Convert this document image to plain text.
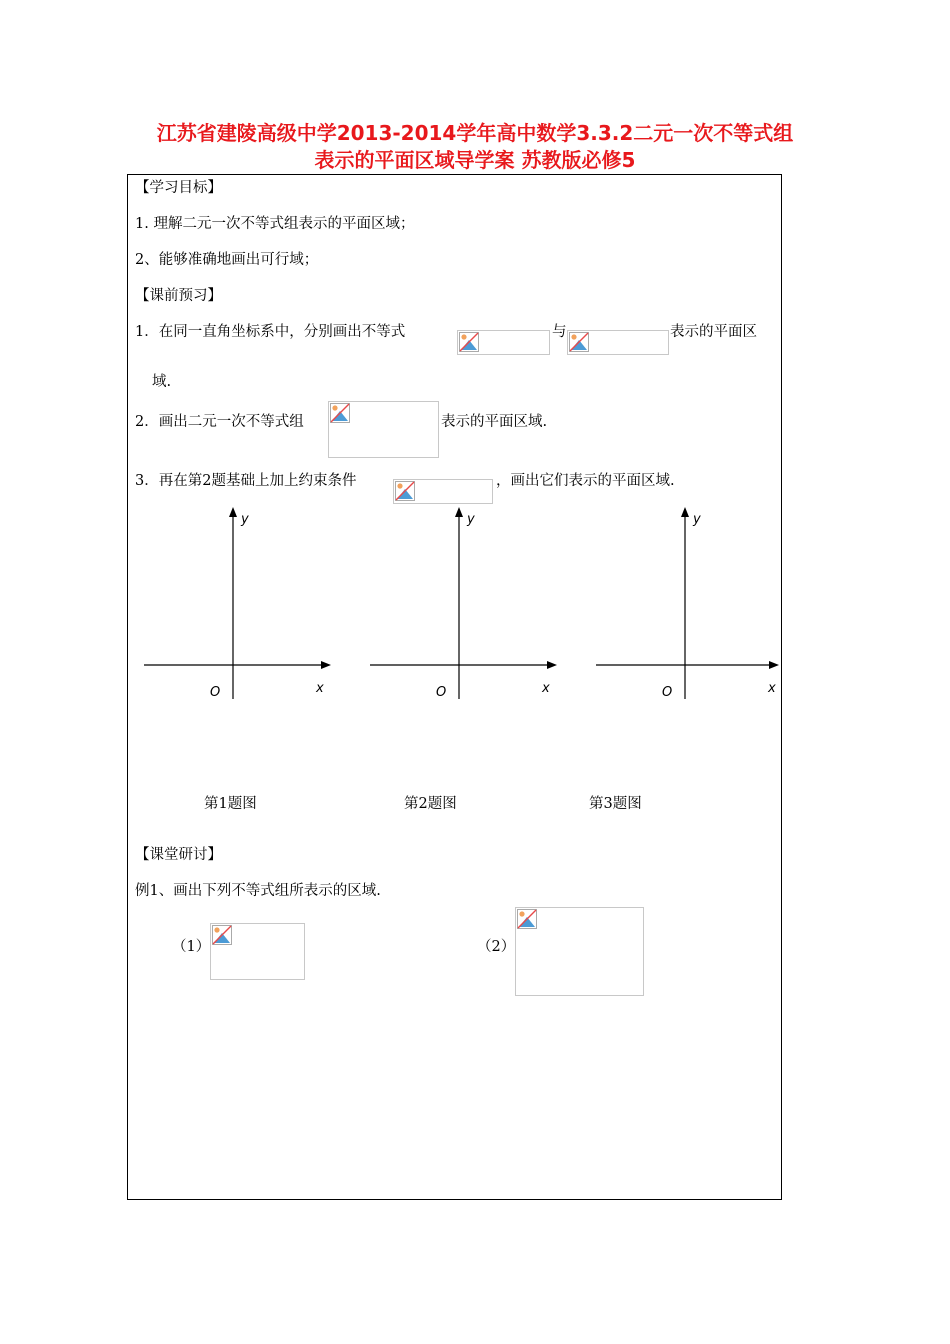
江苏省建陵高级中学2013-2014学年高中数学3.3.2二元一次不等式组
表示的平面区域导学案 苏教版必修5
【学习目标】
1. 理解二元一次不等式组表示的平面区域；
2、能够准确地画出可行域；
【课前预习】
1．在同一直角坐标系中，分别画出不等式	与	表示的平面区
域.
2．画出二元一次不等式组	表示的平面区域.
3．再在第2题基础上加上约束条件	，画出它们表示的平面区域.
y
x
O
第1题图
y
x
O
第2题图
y
x
O
第3题图
【课堂研讨】
例1、画出下列不等式组所表示的区域.
（1）	（2）
